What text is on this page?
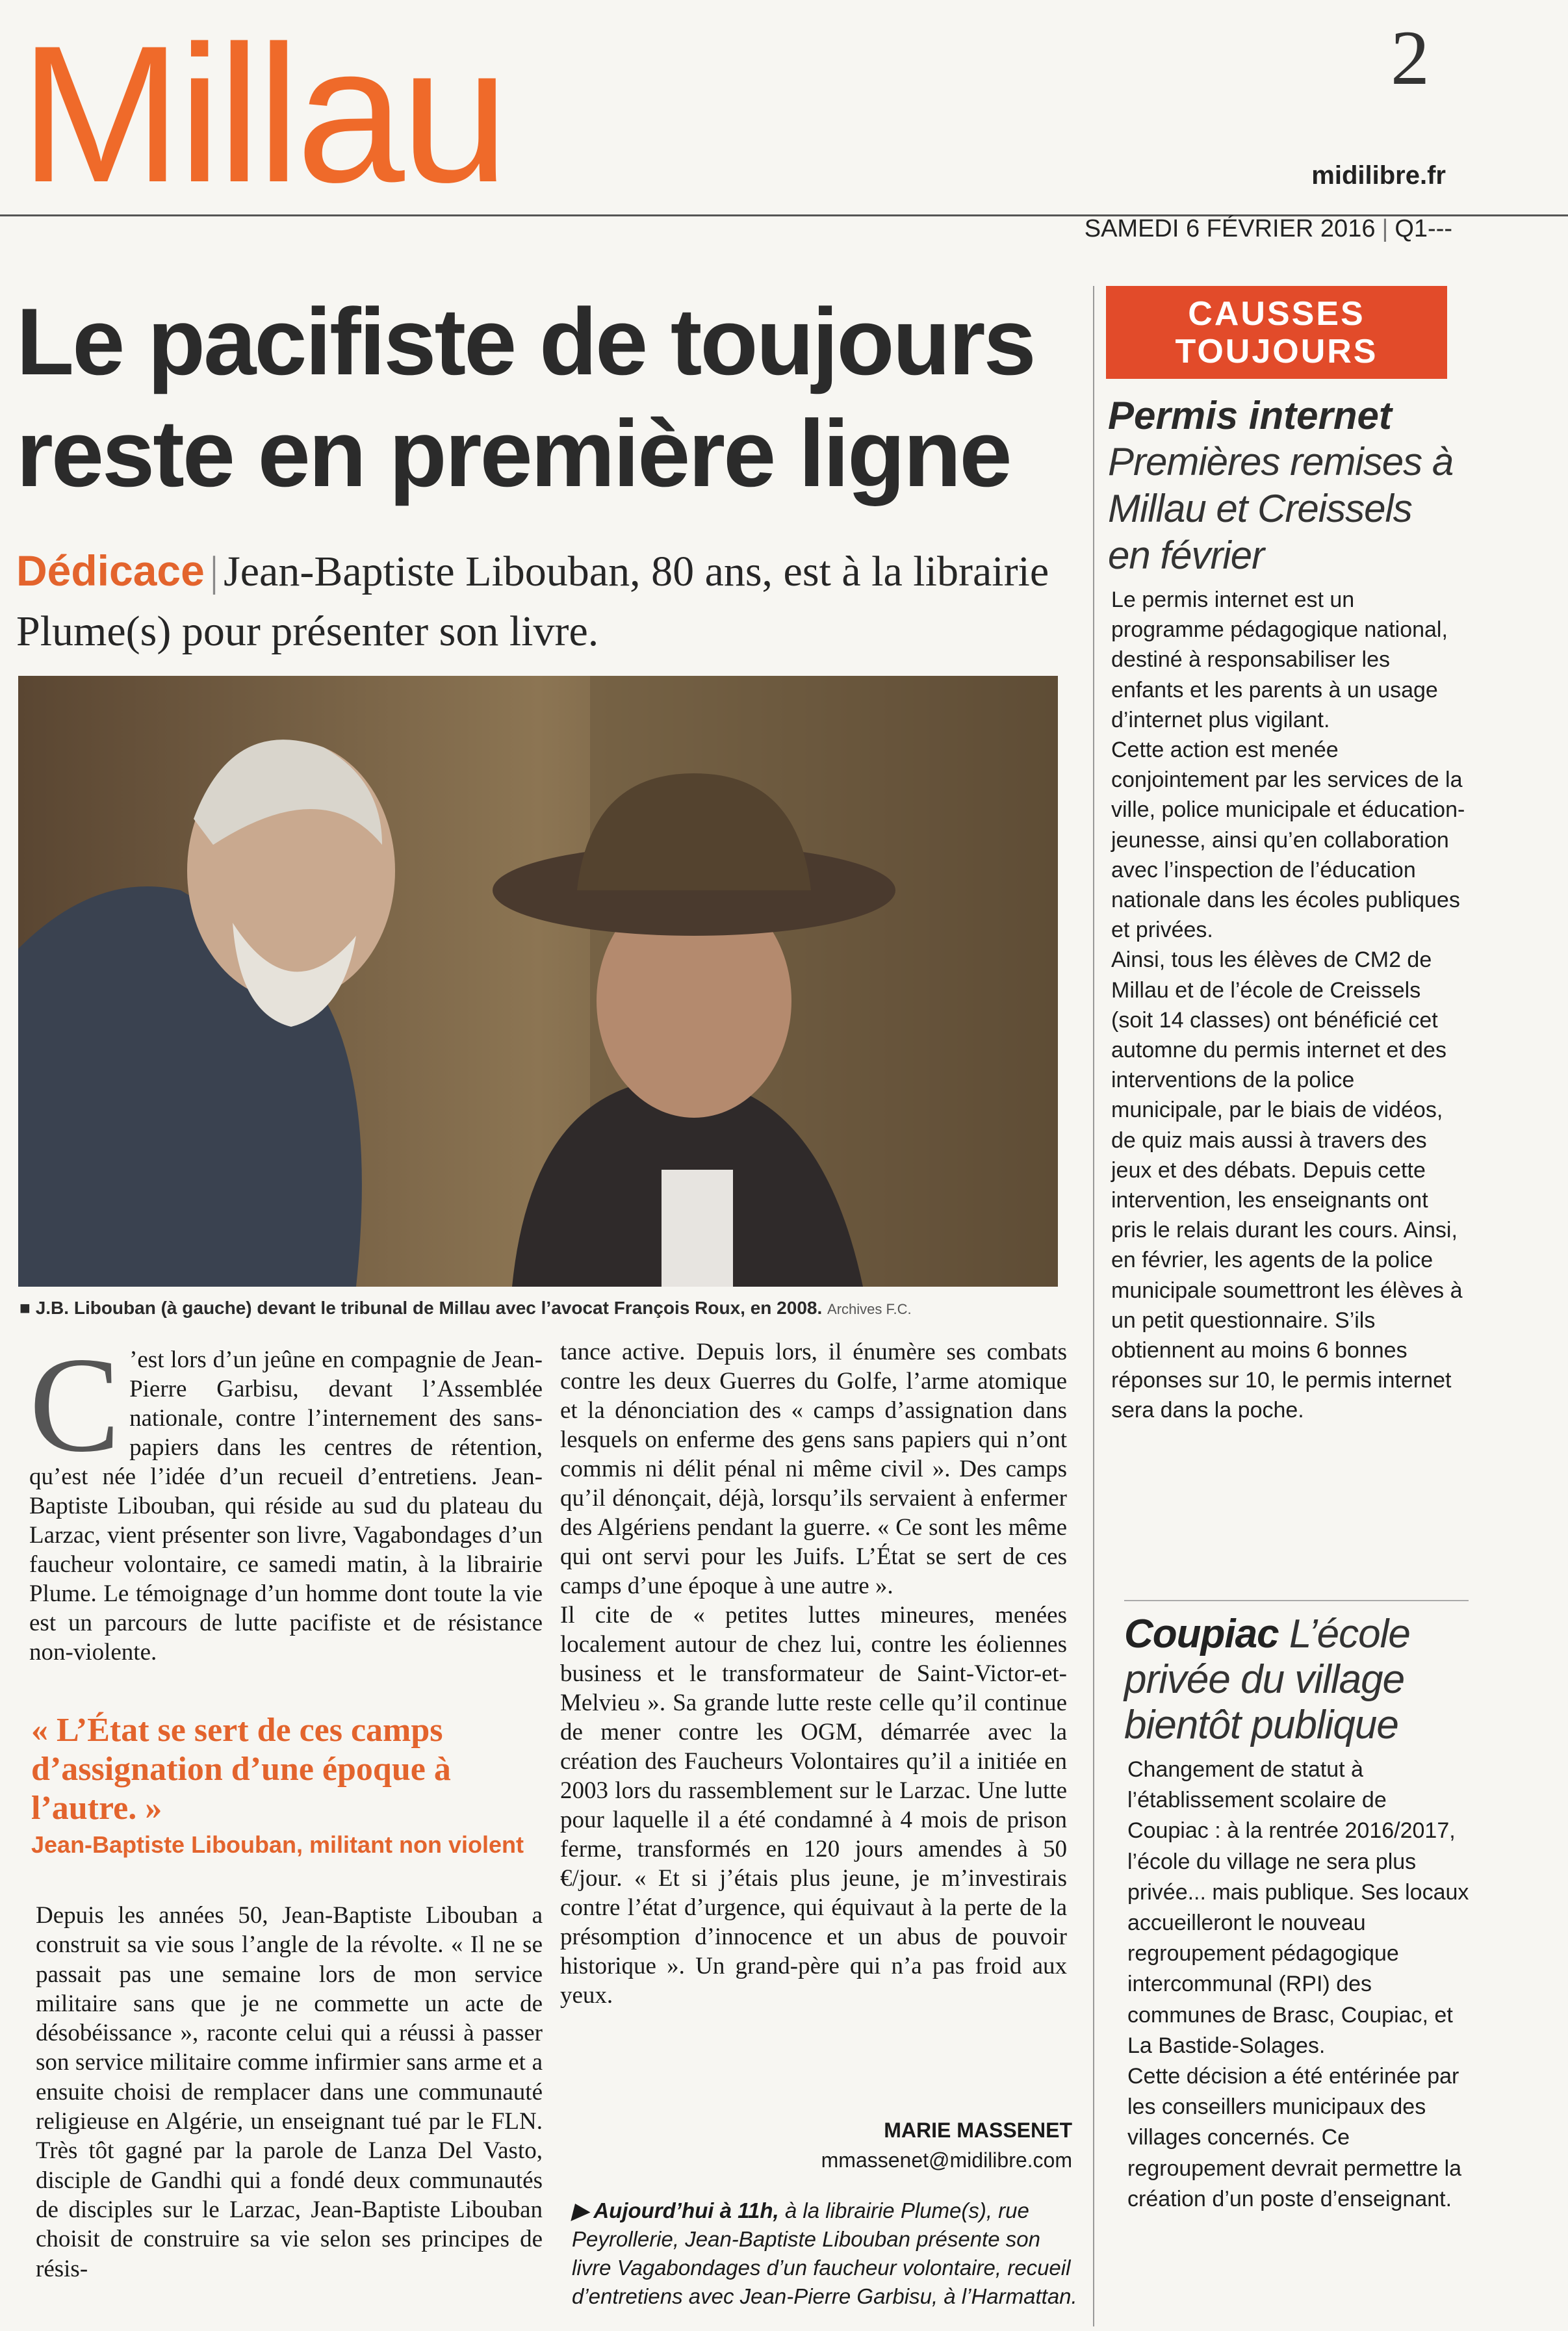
Millau	2
midilibre.fr
SAMEDI 6 FÉVRIER 2016 | Q1---
Le pacifiste de toujours reste en première ligne
Dédicace | Jean-Baptiste Libouban, 80 ans, est à la librairie Plume(s) pour présenter son livre.
■ J.B. Libouban (à gauche) devant le tribunal de Millau avec l’avocat François Roux, en 2008. Archives F.C.
C ’est lors d’un jeûne en compagnie de Jean-Pierre Garbisu, devant l’Assemblée nationale, contre l’internement des sans-papiers dans les centres de rétention, qu’est née l’idée d’un recueil d’entretiens. Jean-Baptiste Libouban, qui réside au sud du plateau du Larzac, vient présenter son livre, Vagabondages d’un faucheur volontaire, ce samedi matin, à la librairie Plume. Le témoignage d’un homme dont toute la vie est un parcours de lutte pacifiste et de résistance non-violente.

« L’État se sert de ces camps d’assignation d’une époque à l’autre. »
Jean-Baptiste Libouban, militant non violent

Depuis les années 50, Jean-Baptiste Libouban a construit sa vie sous l’angle de la révolte. « Il ne se passait pas une semaine lors de mon service militaire sans que je ne commette un acte de désobéissance », raconte celui qui a réussi à passer son service militaire comme infirmier sans arme et a ensuite choisi de remplacer dans une communauté religieuse en Algérie, un enseignant tué par le FLN. Très tôt gagné par la parole de Lanza Del Vasto, disciple de Gandhi qui a fondé deux communautés de disciples sur le Larzac, Jean-Baptiste Libouban choisit de construire sa vie selon ses principes de résis-

tance active. Depuis lors, il énumère ses combats contre les deux Guerres du Golfe, l’arme atomique et la dénonciation des « camps d’assignation dans lesquels on enferme des gens sans papiers qui n’ont commis ni délit pénal ni même civil ». Des camps qu’il dénonçait, déjà, lorsqu’ils servaient à enfermer des Algériens pendant la guerre. « Ce sont les même qui ont servi pour les Juifs. L’État se sert de ces camps d’une époque à une autre ».

Il cite de « petites luttes mineures, menées localement autour de chez lui, contre les éoliennes business et le transformateur de Saint-Victor-et-Melvieu ». Sa grande lutte reste celle qu’il continue de mener contre les OGM, démarrée avec la création des Faucheurs Volontaires qu’il a initiée en 2003 lors du rassemblement sur le Larzac. Une lutte pour laquelle il a été condamné à 4 mois de prison ferme, transformés en 120 jours amendes à 50 €/jour. « Et si j’étais plus jeune, je m’investirais contre l’état d’urgence, qui équivaut à la perte de la présomption d’innocence et un abus de pouvoir historique ». Un grand-père qui n’a pas froid aux yeux.

MARIE MASSENET
mmassenet@midilibre.com
▶ Aujourd’hui à 11h, à la librairie Plume(s), rue Peyrollerie, Jean-Baptiste Libouban présente son livre Vagabondages d’un faucheur volontaire, recueil d’entretiens avec Jean-Pierre Garbisu, à l’Harmattan.
CAUSSES
TOUJOURS
Permis internet
Premières remises à Millau et Creissels en février

Le permis internet est un programme pédagogique national, destiné à responsabiliser les enfants et les parents à un usage d’internet plus vigilant.

Cette action est menée conjointement par les services de la ville, police municipale et éducation-jeunesse, ainsi qu’en collaboration avec l’inspection de l’éducation nationale dans les écoles publiques et privées.

Ainsi, tous les élèves de CM2 de Millau et de l’école de Creissels (soit 14 classes) ont bénéficié cet automne du permis internet et des interventions de la police municipale, par le biais de vidéos, de quiz mais aussi à travers des jeux et des débats. Depuis cette intervention, les enseignants ont pris le relais durant les cours. Ainsi, en février, les agents de la police municipale soumettront les élèves à un petit questionnaire. S’ils obtiennent au moins 6 bonnes réponses sur 10, le permis internet sera dans la poche.

Coupiac L’école privée du village bientôt publique

Changement de statut à l’établissement scolaire de Coupiac : à la rentrée 2016/2017, l’école du village ne sera plus privée... mais publique. Ses locaux accueilleront le nouveau regroupement pédagogique intercommunal (RPI) des communes de Brasc, Coupiac, et La Bastide-Solages.

Cette décision a été entérinée par les conseillers municipaux des villages concernés. Ce regroupement devrait permettre la création d’un poste d’enseignant.
